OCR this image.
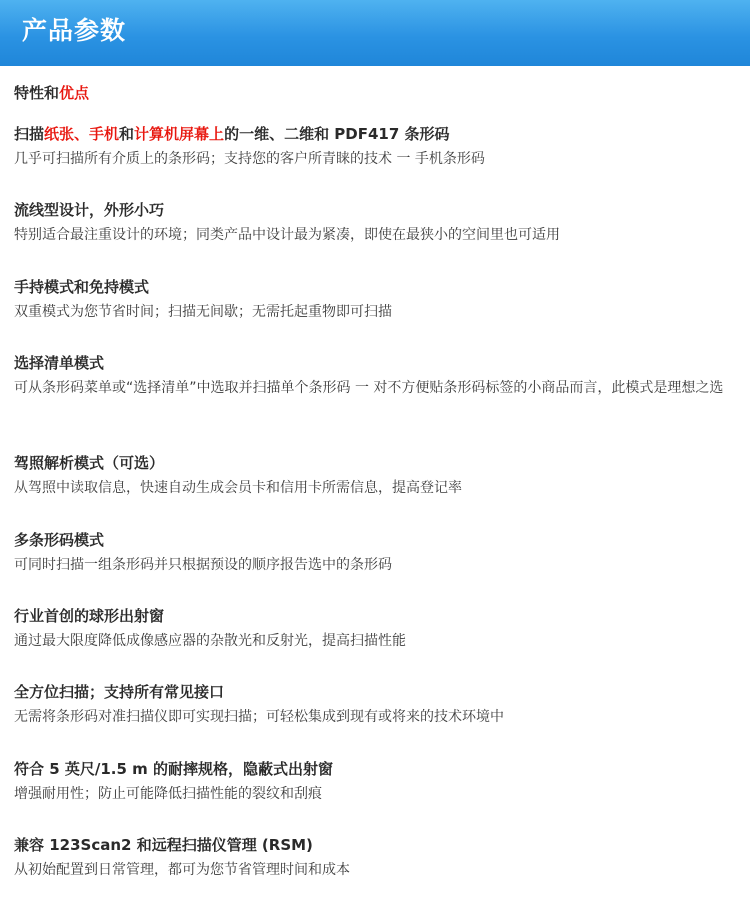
产品参数
特性和优点
扫描纸张、手机和计算机屏幕上的一维、二维和 PDF417 条形码
几乎可扫描所有介质上的条形码；支持您的客户所青睐的技术 一 手机条形码
流线型设计，外形小巧
特别适合最注重设计的环境；同类产品中设计最为紧凑，即使在最狭小的空间里也可适用
手持模式和免持模式
双重模式为您节省时间；扫描无间歇；无需托起重物即可扫描
选择清单模式
可从条形码菜单或“选择清单”中选取并扫描单个条形码 一 对不方便贴条形码标签的小商品而言，此模式是理想之选
驾照解析模式（可选）
从驾照中读取信息，快速自动生成会员卡和信用卡所需信息，提高登记率
多条形码模式
可同时扫描一组条形码并只根据预设的顺序报告选中的条形码
行业首创的球形出射窗
通过最大限度降低成像感应器的杂散光和反射光，提高扫描性能
全方位扫描；支持所有常见接口
无需将条形码对准扫描仪即可实现扫描；可轻松集成到现有或将来的技术环境中
符合 5 英尺/1.5 m 的耐摔规格，隐蔽式出射窗
增强耐用性；防止可能降低扫描性能的裂纹和刮痕
兼容 123Scan2 和远程扫描仪管理 (RSM)
从初始配置到日常管理，都可为您节省管理时间和成本
